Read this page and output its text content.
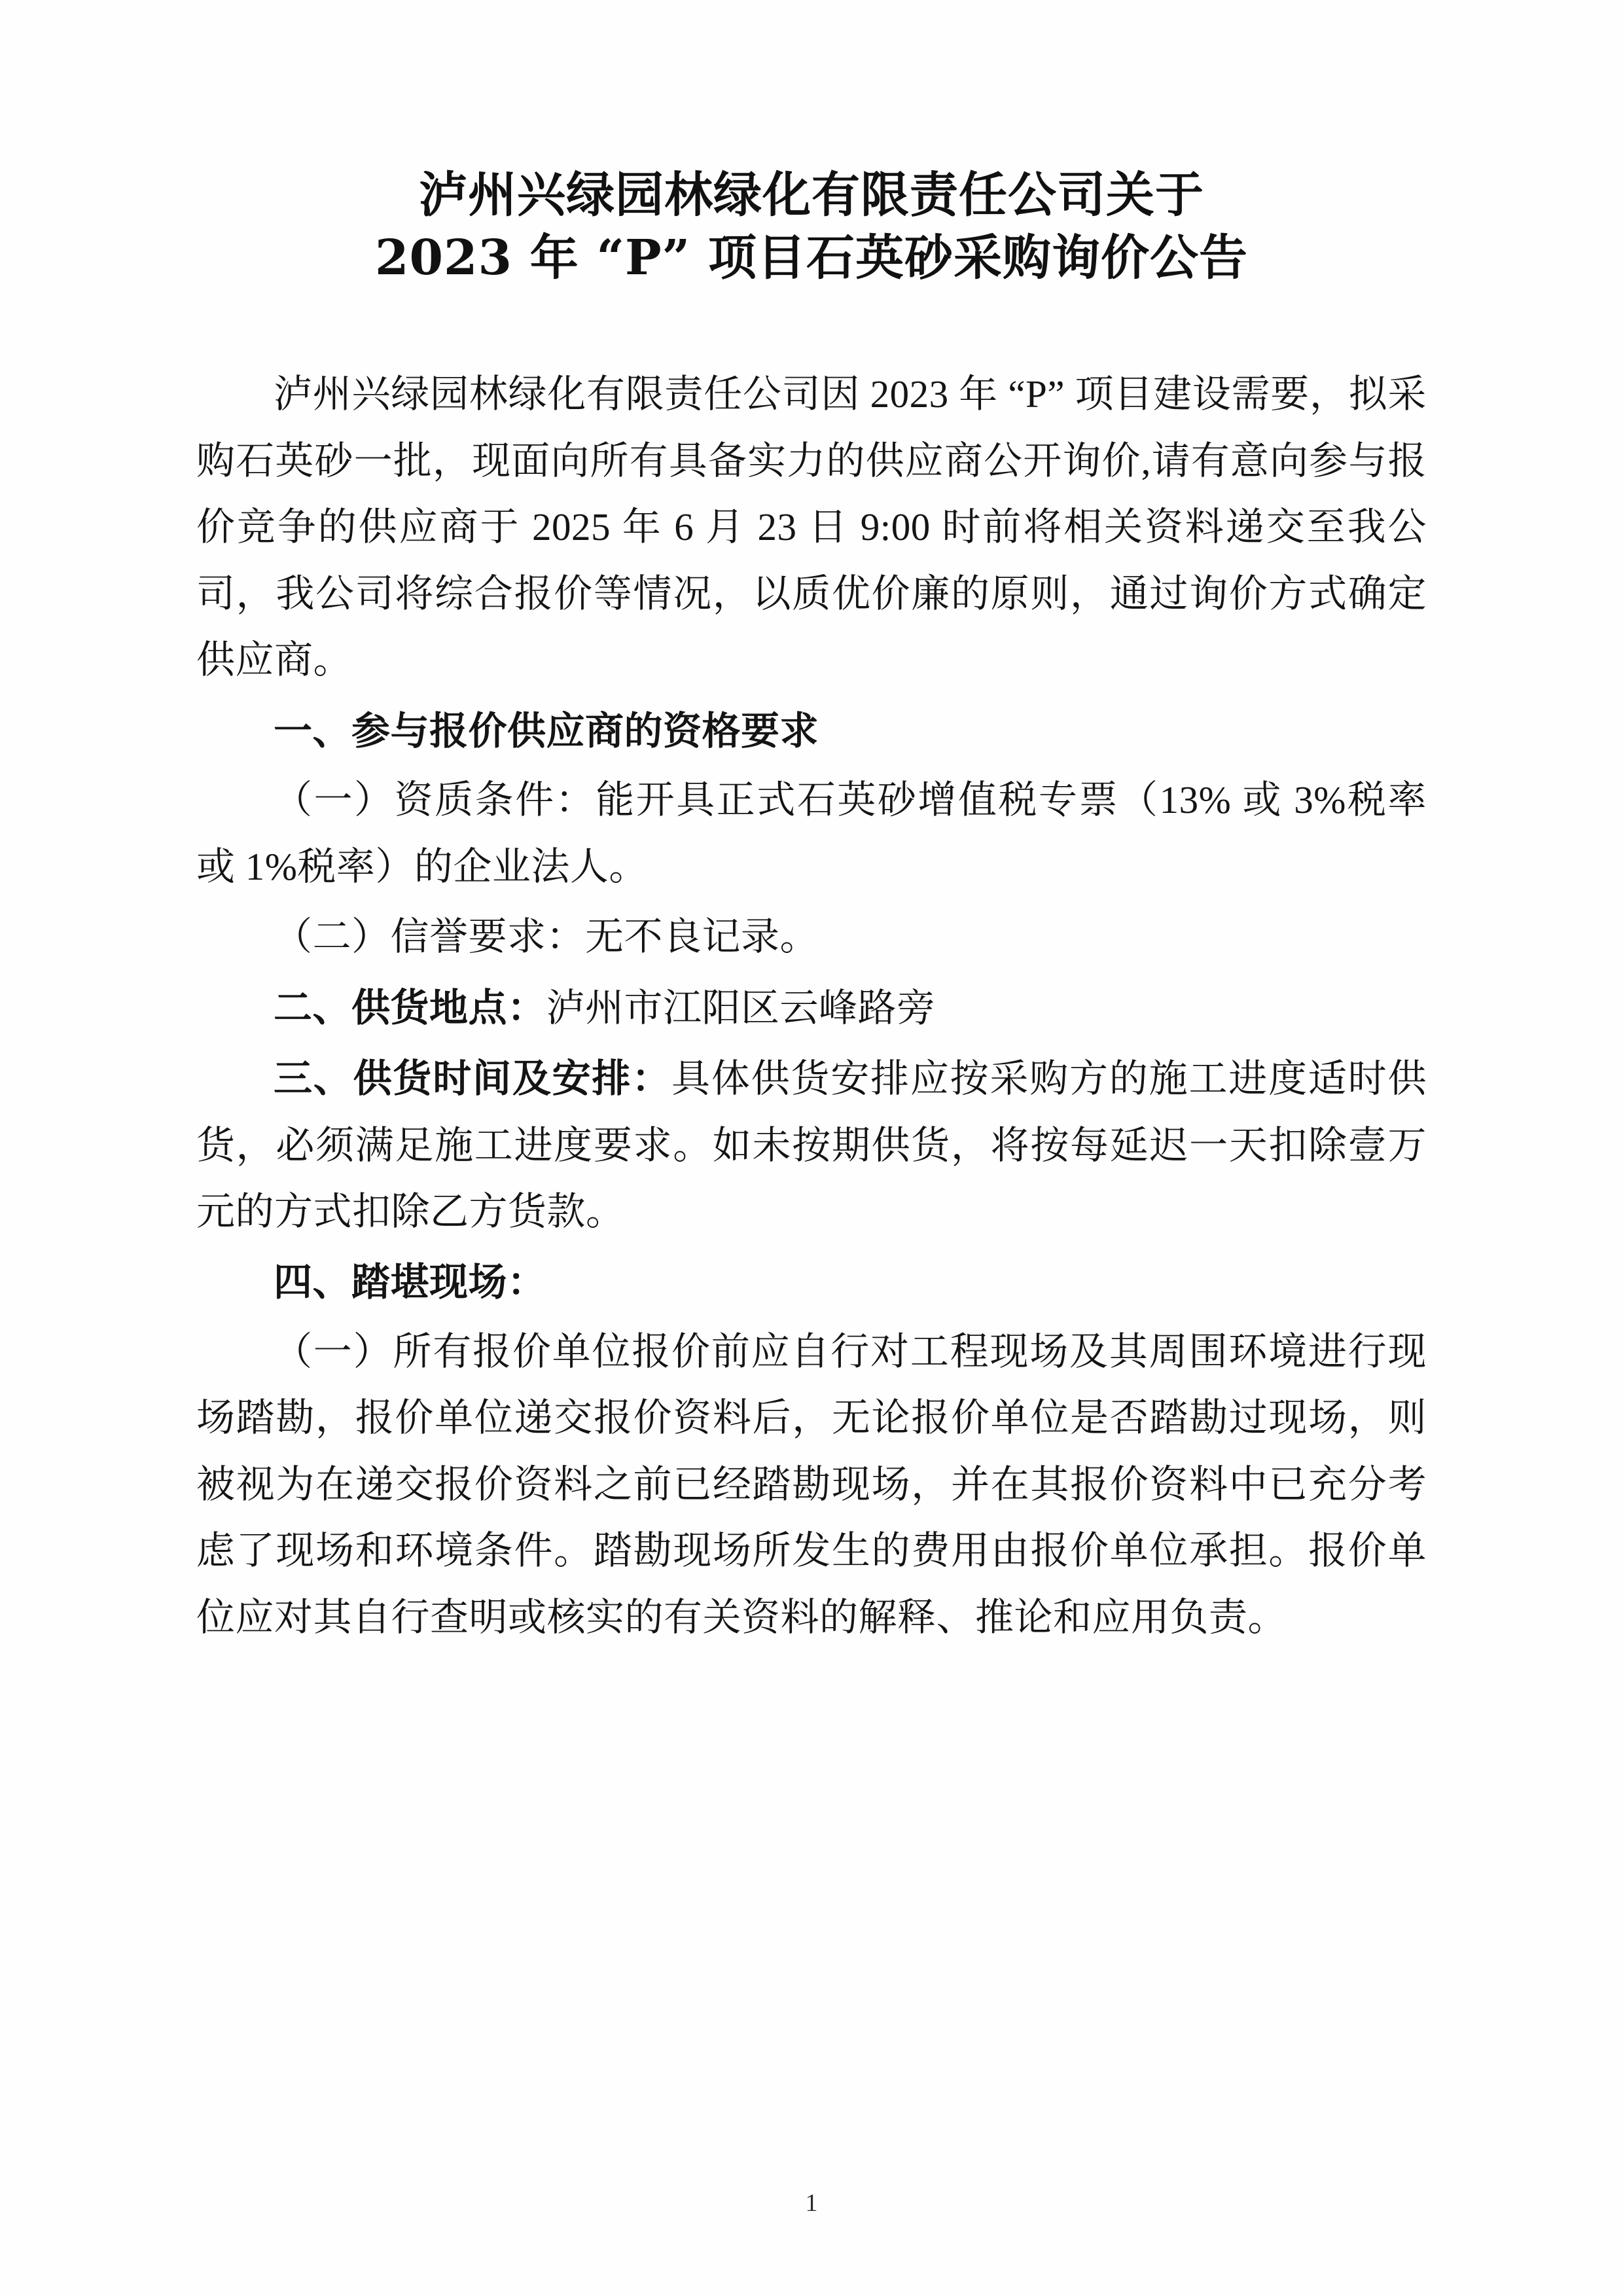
泸州兴绿园林绿化有限责任公司关于
2023 年 “P” 项目石英砂采购询价公告

泸州兴绿园林绿化有限责任公司因 2023 年 “P” 项目建设需要，拟采购石英砂一批，现面向所有具备实力的供应商公开询价,请有意向参与报价竞争的供应商于 2025 年 6 月 23 日 9:00 时前将相关资料递交至我公司，我公司将综合报价等情况，以质优价廉的原则，通过询价方式确定供应商。

一、参与报价供应商的资格要求

（一）资质条件：能开具正式石英砂增值税专票（13% 或 3%税率或 1%税率）的企业法人。

（二）信誉要求：无不良记录。

二、供货地点：泸州市江阳区云峰路旁

三、供货时间及安排：具体供货安排应按采购方的施工进度适时供货，必须满足施工进度要求。如未按期供货，将按每延迟一天扣除壹万元的方式扣除乙方货款。

四、踏堪现场：

（一）所有报价单位报价前应自行对工程现场及其周围环境进行现场踏勘，报价单位递交报价资料后，无论报价单位是否踏勘过现场，则被视为在递交报价资料之前已经踏勘现场，并在其报价资料中已充分考虑了现场和环境条件。踏勘现场所发生的费用由报价单位承担。报价单位应对其自行查明或核实的有关资料的解释、推论和应用负责。

1
